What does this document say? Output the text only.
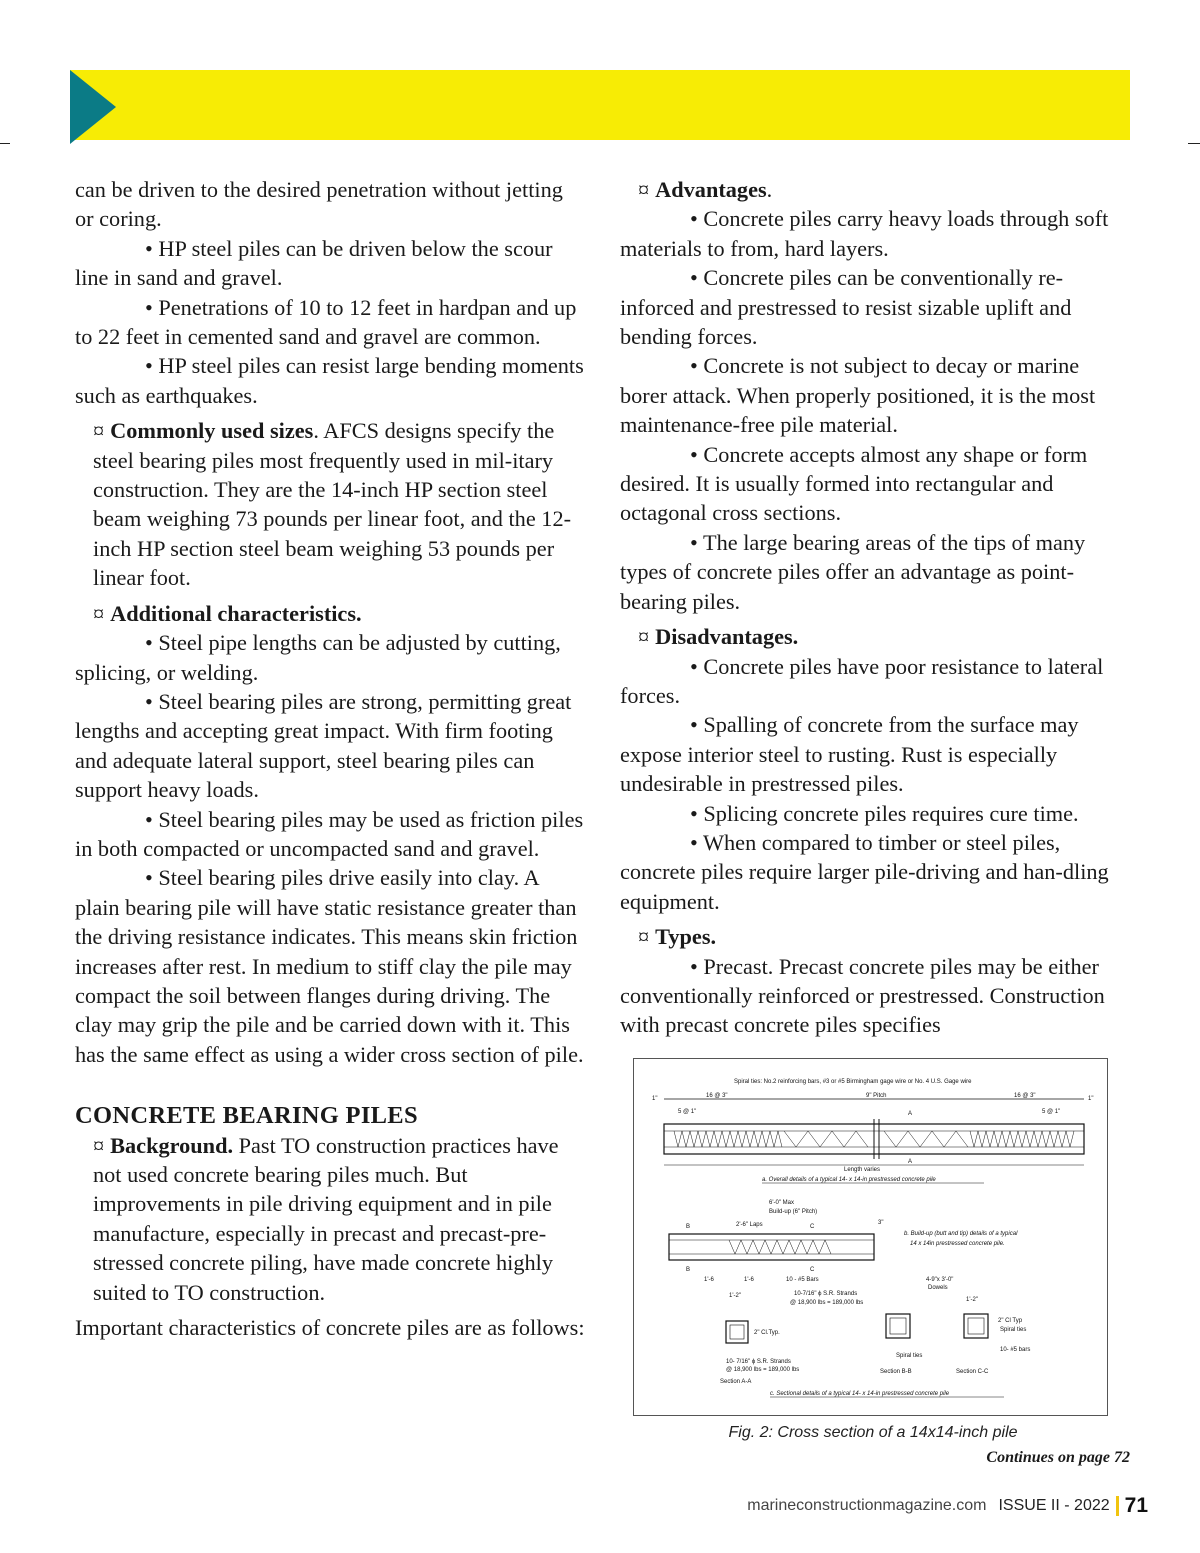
can be driven to the desired penetration without jetting or coring.

• HP steel piles can be driven below the scour line in sand and gravel.

• Penetrations of 10 to 12 feet in hardpan and up to 22 feet in cemented sand and gravel are common.

• HP steel piles can resist large bending moments such as earthquakes.

¤ Commonly used sizes. AFCS designs specify the steel bearing piles most frequently used in mil-itary construction. They are the 14-inch HP section steel beam weighing 73 pounds per linear foot, and the 12-inch HP section steel beam weighing 53 pounds per linear foot.

¤ Additional characteristics.

• Steel pipe lengths can be adjusted by cutting, splicing, or welding.

• Steel bearing piles are strong, permitting great lengths and accepting great impact. With firm footing and adequate lateral support, steel bearing piles can support heavy loads.

• Steel bearing piles may be used as friction piles in both compacted or uncompacted sand and gravel.

• Steel bearing piles drive easily into clay. A plain bearing pile will have static resistance greater than the driving resistance indicates. This means skin friction increases after rest. In medium to stiff clay the pile may compact the soil between flanges during driving. The clay may grip the pile and be carried down with it. This has the same effect as using a wider cross section of pile.

CONCRETE BEARING PILES

¤ Background. Past TO construction practices have not used concrete bearing piles much. But improvements in pile driving equipment and in pile manufacture, especially in precast and precast-pre-stressed concrete piling, have made concrete highly suited to TO construction.

Important characteristics of concrete piles are as follows:

¤ Advantages.

• Concrete piles carry heavy loads through soft materials to from, hard layers.

• Concrete piles can be conventionally re-inforced and prestressed to resist sizable uplift and bending forces.

• Concrete is not subject to decay or marine borer attack. When properly positioned, it is the most maintenance-free pile material.

• Concrete accepts almost any shape or form desired. It is usually formed into rectangular and octagonal cross sections.

• The large bearing areas of the tips of many types of concrete piles offer an advantage as point-bearing piles.

¤ Disadvantages.

• Concrete piles have poor resistance to lateral forces.

• Spalling of concrete from the surface may expose interior steel to rusting. Rust is especially undesirable in prestressed piles.

• Splicing concrete piles requires cure time.

• When compared to timber or steel piles, concrete piles require larger pile-driving and han-dling equipment.

¤ Types.

• Precast. Precast concrete piles may be either conventionally reinforced or prestressed. Construction with precast concrete piles specifies

Spiral ties: No.2 reinforcing bars, #3 or #5 Birmingham gage wire or No. 4 U.S. Gage wire
16 @ 3"	9" Pitch	16 @ 3"
1"	1"
5 @ 1"	5 @ 1"
A
A
Length varies
a. Overall details of a typical 14- x 14-in prestressed concrete pile
6'-0" Max
Build-up (6" Pitch)
2'-6" Laps
B
B
C
C
3"
b. Build-up (butt and tip) details of a typical
14 x 14in prestressed concrete pile.
1'-6	1'-6	10 - #5 Bars	4-9"x 3'-0"
Dowels
10-7/16" ϕ S.R. Strands
@ 18,900 lbs = 189,000 lbs
1'-2"
1'-2"
2" Cl.Typ.
Spiral ties
2" Cl Typ
Spiral ties
10- #5 bars
10- 7/16" ϕ S.R. Strands
@ 18,900 lbs = 189,000 lbs
Section A-A
Section B-B	Section C-C
c. Sectional details of a typical 14- x 14-in prestressed concrete pile
Fig. 2: Cross section of a 14x14-inch pile
Continues on page 72
marineconstructionmagazine.com ISSUE II - 2022 71
